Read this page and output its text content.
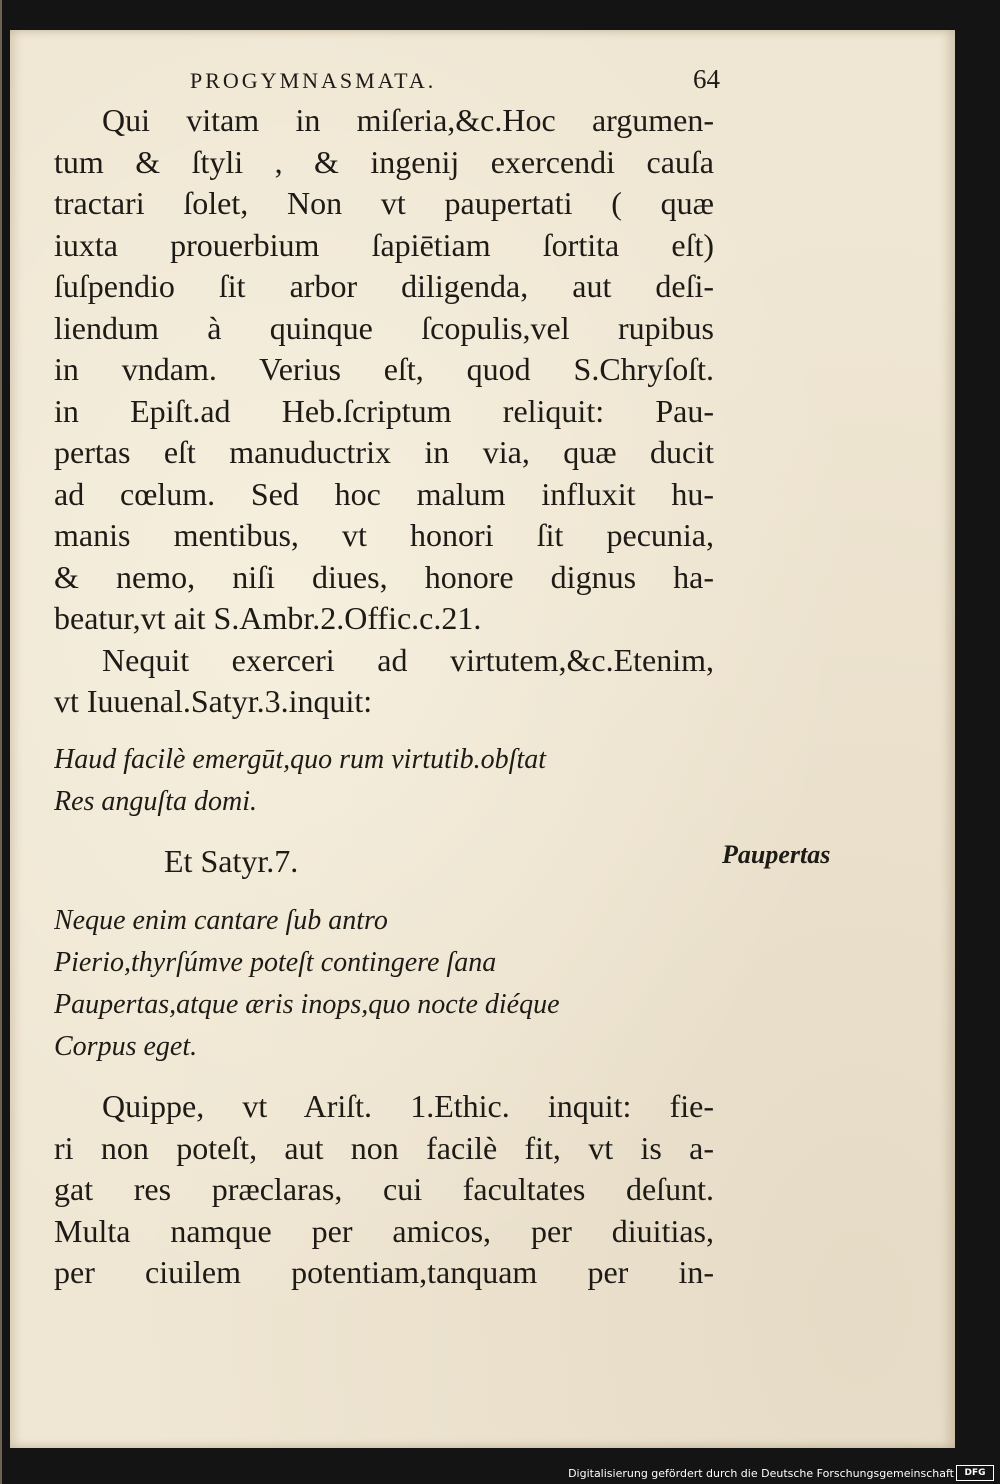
PROGYMNASMATA.	64
Qui vitam in miſeria,&c.Hoc argumen-
tum & ſtyli , & ingenij exercendi cauſa
tractari ſolet, Non vt paupertati ( quæ
iuxta prouerbium ſapiētiam ſortita eſt)
ſuſpendio ſit arbor diligenda, aut deſi-
liendum à quinque ſcopulis,vel rupibus
in vndam. Verius eſt, quod S.Chryſoſt.
in Epiſt.ad Heb.ſcriptum reliquit: Pau-
pertas eſt manuductrix in via, quæ ducit
ad cœlum. Sed hoc malum influxit hu-
manis mentibus, vt honori ſit pecunia,
& nemo, niſi diues, honore dignus ha-
beatur,vt ait S.Ambr.2.Offic.c.21.
Nequit exerceri ad virtutem,&c.Etenim,
vt Iuuenal.Satyr.3.inquit:
Haud facilè emergūt,quo rum virtutib.obſtat
Res anguſta domi.
Et Satyr.7.
Neque enim cantare ſub antro
Pierio,thyrſúmve poteſt contingere ſana
Paupertas,atque æris inops,quo nocte diéque
Corpus eget.
Quippe, vt Ariſt. 1.Ethic. inquit: fie-
ri non poteſt, aut non facilè fit, vt is a-
gat res præclaras, cui facultates deſunt.
Multa namque per amicos, per diuitias,
per ciuilem potentiam,tanquam per in-
Paupertas
Digitalisierung gefördert durch die Deutsche Forschungsgemeinschaft	DFG
